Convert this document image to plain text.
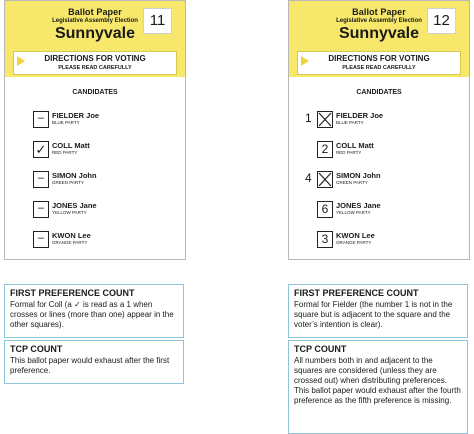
Ballot Paper
Legislative Assembly Election
Sunnyvale
11
DIRECTIONS FOR VOTING
PLEASE READ CAREFULLY
CANDIDATES
–	FIELDER Joe
BLUE PARTY
✓ COLL Matt
RED PARTY
–	SIMON John
GREEN PARTY
–	JONES Jane
YELLOW PARTY
–	KWON Lee
ORANGE PARTY
FIRST PREFERENCE COUNT
Formal for Coll (a ✓ is read as a 1 when crosses or lines (more than one) appear in the other squares).
TCP COUNT
This ballot paper would exhaust after the first preference.
Ballot Paper
Legislative Assembly Election
Sunnyvale
12
DIRECTIONS FOR VOTING
PLEASE READ CAREFULLY
CANDIDATES
1	FIELDER Joe
BLUE PARTY
2	COLL Matt
RED PARTY
4	SIMON John
GREEN PARTY
6	JONES Jane
YELLOW PARTY
3	KWON Lee
ORANGE PARTY
FIRST PREFERENCE COUNT
Formal for Fielder (the number 1 is not in the square but is adjacent to the square and the voter’s intention is clear).
TCP COUNT
All numbers both in and adjacent to the squares are considered (unless they are crossed out) when distributing preferences. This ballot paper would exhaust after the fourth preference as the fifth preference is missing.
